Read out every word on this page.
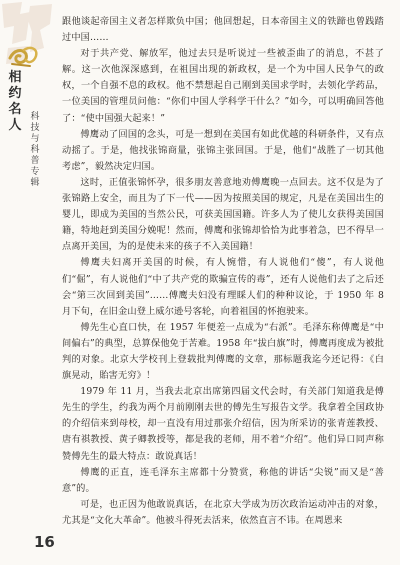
相约名人
科技与科普专辑

跟他谈起帝国主义者怎样欺负中国；他回想起，日本帝国主义的铁蹄也曾践踏过中国……

对于共产党、解放军，他过去只是听说过一些被歪曲了的消息，不甚了解。这一次他深深感到，在祖国出现的新政权，是一个为中国人民争气的政权，一个自强不息的政权。他不禁想起自己刚到美国求学时，去领化学药品，一位美国的管理员问他：“你们中国人学科学干什么？”如今，可以明确回答他了：“使中国强大起来！”

傅鹰动了回国的念头，可是一想到在美国有如此优越的科研条件，又有点动摇了。于是，他找张锦商量，张锦主张回国。于是，他们“战胜了一切其他考虑”，毅然决定归国。

这时，正值张锦怀孕，很多朋友善意地劝傅鹰晚一点回去。这不仅是为了张锦路上安全，而且为了下一代——因为按照美国的规定，凡是在美国出生的婴儿，即成为美国的当然公民，可获美国国籍。许多人为了使儿女获得美国国籍，特地赶到美国分娩呢！然而，傅鹰和张锦却恰恰为此事着急，巴不得早一点离开美国，为的是使未来的孩子不入美国籍！

傅鹰夫妇离开美国的时候，有人惋惜，有人说他们“傻”，有人说他们“倔”，有人说他们“中了共产党的欺骗宣传的毒”，还有人说他们去了之后还会“第三次回到美国”……傅鹰夫妇没有理睬人们的种种议论，于 1950 年 8 月下旬，在旧金山登上威尔逊号客轮，向着祖国的怀抱驶来。

傅先生心直口快，在 1957 年便差一点成为“右派”。毛泽东称傅鹰是“中间偏右”的典型，总算保他免于苦难。1958 年“拔白旗”时，傅鹰再度成为被批判的对象。北京大学校刊上登载批判傅鹰的文章，那标题我迄今还记得：《白旗晃动，貽害无穷》！

1979 年 11 月，当我去北京出席第四届文代会时，有关部门知道我是傅先生的学生，约我为两个月前刚刚去世的傅先生写报告文学。我拿着全国政协的介绍信来到母校，却一直没有用过那张介绍信，因为所采访的张青莲教授、唐有祺教授、黄子卿教授等，都是我的老师，用不着“介绍”。他们异口同声称赞傅先生的最大特点：敢说真话！

傅鹰的正直，连毛泽东主席都十分赞赏，称他的讲话“尖锐”而又是“善意”的。

可是，也正因为他敢说真话，在北京大学成为历次政治运动冲击的对象，尤其是“文化大革命”。他被斗得死去活来，依然直言不讳。在周恩来

16
